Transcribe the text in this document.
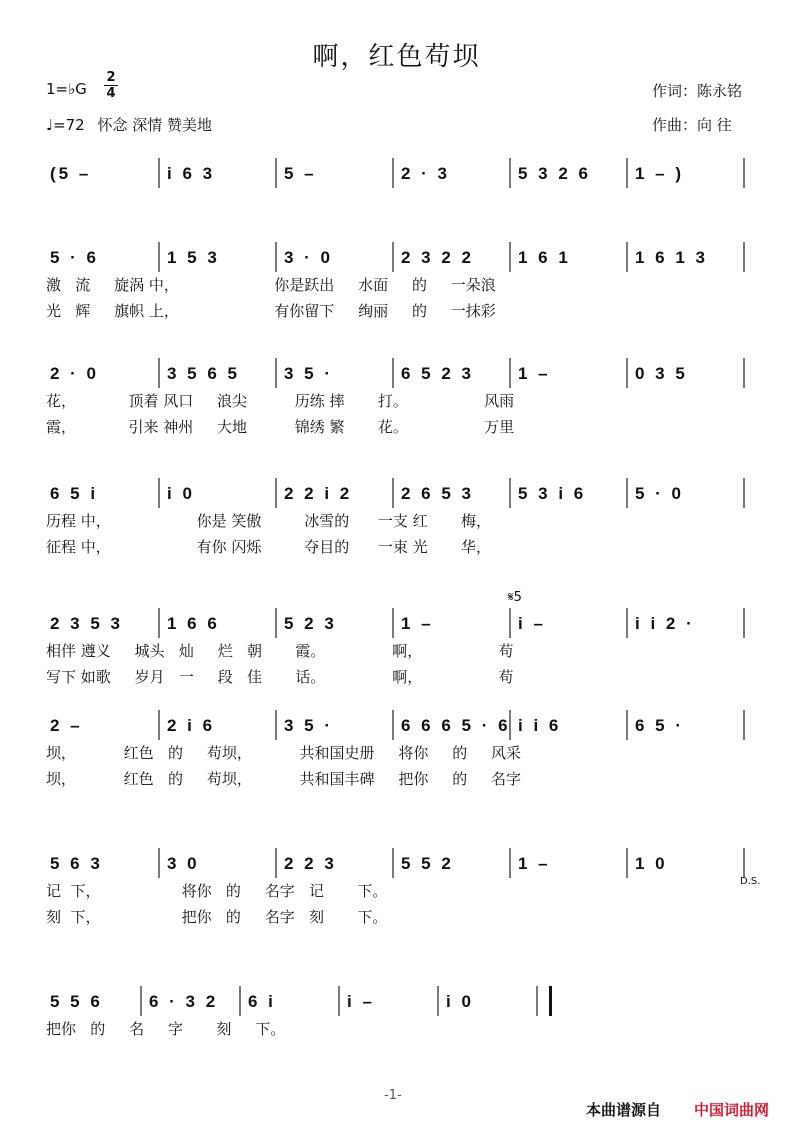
啊，红色苟坝
1=♭G
2
4
♩=72 怀念 深情 赞美地
作词：陈永铭
作曲：向 往
(5 –	i 6 3	5 –	2 · 3	5 3 2 6	1 – )
5 · 6	1 5 3	3 · 0	2 3 2 2	1 6 1	1 6 1 3
激   流     旋涡 中，                    你是跃出     水面     的     一朵浪
光   辉     旗帜 上，                    有你留下     绚丽     的     一抹彩
2 · 0	3 5 6 5	3 5 ·	6 5 2 3	1 –	0 3 5
花，           顶着 风口     浪尖          历练 摔       打。                风雨
霞，           引来 神州     大地          锦绣 繁       花。                万里
6 5 i	i 0	2 2 i 2	2 6 5 3	5 3 i 6	5 · 0
历程 中，                  你是 笑傲         冰雪的      一支 红       梅，
征程 中，                  有你 闪烁         夺目的      一束 光       华，
2 3 5 3	1 6 6	5 2 3	1 –	i –	i i 2 ·
相伴 遵义     城头   灿     烂   朝       霞。              啊，                苟
写下 如歌     岁月   一     段   佳       话。              啊，                苟
2 –	2 i 6	3 5 ·	6 6 6 5 · 6 i i 6	6 5 ·
坝，          红色   的     苟坝，          共和国史册     将你     的     风采
坝，          红色   的     苟坝，          共和国丰碑     把你     的     名字
5 6 3	3 0	2 2 3	5 5 2	1 –	1 0
记  下，                 将你   的     名字   记       下。
刻  下，                 把你   的     名字   刻       下。
5 5 6	6 · 3 2 6 i	i –	i 0
把你   的     名     字       刻     下。
𝄋5
D.S.
-1-
本曲谱源自 中国词曲网
